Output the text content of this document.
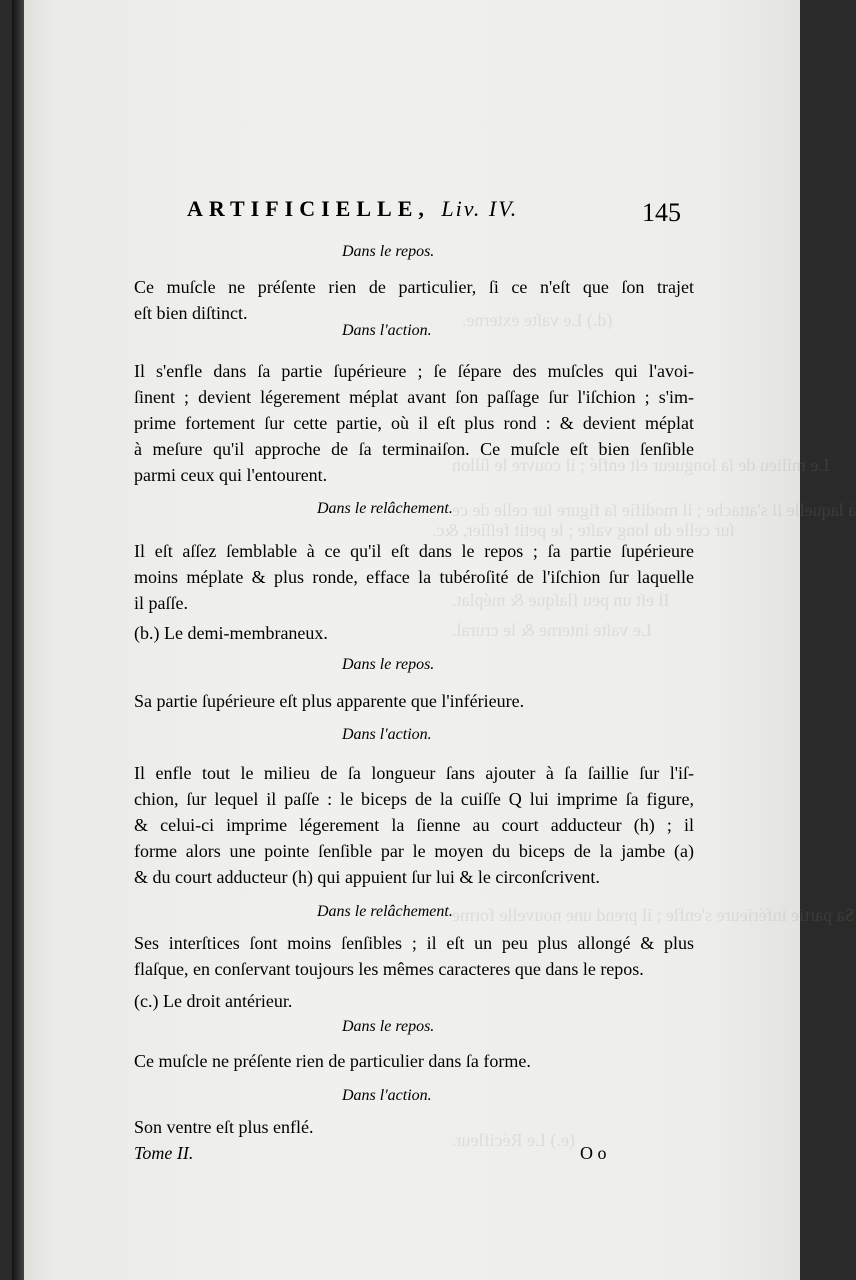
(d.) Le vaſte externe.
Le milieu de ſa longueur eſt enflé ; il couvre le ſillon
à laquelle il s'attache ; il modifie ſa figure ſur celle de ce
ſur celle du long vaſte ; le petit feſſier, &c.
Il eſt un peu flaſque & méplat.
Le vaſte interne & le crural.
Sa partie inférieure s'enfle ; il prend une nouvelle forme
(e.) Le Récifleur.
ARTIFICIELLE, Liv. IV.	145
Dans le repos.
Ce muſcle ne préſente rien de particulier, ſi ce n'eſt que ſon trajet
eſt bien diſtinct.
Dans l'action.
Il s'enfle dans ſa partie ſupérieure ; ſe ſépare des muſcles qui l'avoi-
ſinent ; devient légerement méplat avant ſon paſſage ſur l'iſchion ; s'im-
prime fortement ſur cette partie, où il eſt plus rond : & devient méplat
à meſure qu'il approche de ſa terminaiſon. Ce muſcle eſt bien ſenſible
parmi ceux qui l'entourent.
Dans le relâchement.
Il eſt aſſez ſemblable à ce qu'il eſt dans le repos ; ſa partie ſupérieure
moins méplate & plus ronde, efface la tubéroſité de l'iſchion ſur laquelle
il paſſe.
(b.) Le demi-membraneux.
Dans le repos.
Sa partie ſupérieure eſt plus apparente que l'inférieure.
Dans l'action.
Il enfle tout le milieu de ſa longueur ſans ajouter à ſa ſaillie ſur l'iſ-
chion, ſur lequel il paſſe : le biceps de la cuiſſe Q lui imprime ſa figure,
& celui-ci imprime légerement la ſienne au court adducteur (h) ; il
forme alors une pointe ſenſible par le moyen du biceps de la jambe (a)
& du court adducteur (h) qui appuient ſur lui & le circonſcrivent.
Dans le relâchement.
Ses interſtices ſont moins ſenſibles ; il eſt un peu plus allongé & plus
flaſque, en conſervant toujours les mêmes caracteres que dans le repos.
(c.) Le droit antérieur.
Dans le repos.
Ce muſcle ne préſente rien de particulier dans ſa forme.
Dans l'action.
Son ventre eſt plus enflé.
Tome II.	O o
